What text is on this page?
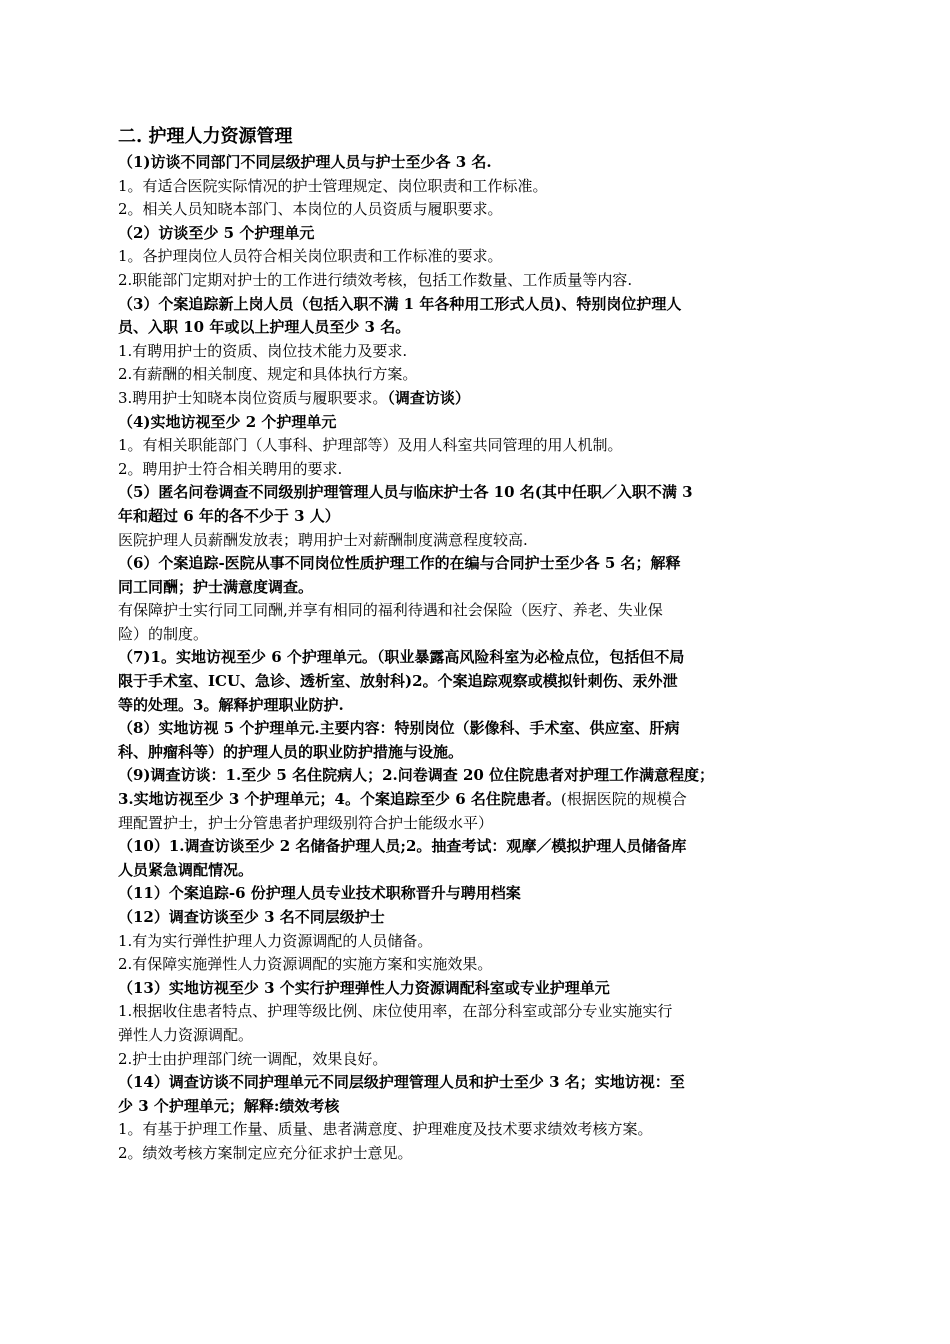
二. 护理人力资源管理
（1)访谈不同部门不同层级护理人员与护士至少各 3 名.
1。有适合医院实际情况的护士管理规定、岗位职责和工作标准。
2。相关人员知晓本部门、本岗位的人员资质与履职要求。
（2）访谈至少 5 个护理单元
1。各护理岗位人员符合相关岗位职责和工作标准的要求。
2.职能部门定期对护士的工作进行绩效考核，包括工作数量、工作质量等内容.
（3）个案追踪新上岗人员（包括入职不满 1 年各种用工形式人员)、特别岗位护理人
员、入职 10 年或以上护理人员至少 3 名。
1.有聘用护士的资质、岗位技术能力及要求.
2.有薪酬的相关制度、规定和具体执行方案。
3.聘用护士知晓本岗位资质与履职要求。（调查访谈）
（4)实地访视至少 2 个护理单元
1。有相关职能部门（人事科、护理部等）及用人科室共同管理的用人机制。
2。聘用护士符合相关聘用的要求.
（5）匿名问卷调查不同级别护理管理人员与临床护士各 10 名(其中任职／入职不满 3
年和超过 6 年的各不少于 3 人）
医院护理人员薪酬发放表；聘用护士对薪酬制度满意程度较高.
（6）个案追踪-医院从事不同岗位性质护理工作的在编与合同护士至少各 5 名；解释
同工同酬；护士满意度调查。
有保障护士实行同工同酬,并享有相同的福利待遇和社会保险（医疗、养老、失业保
险）的制度。
（7)1。实地访视至少 6 个护理单元。（职业暴露高风险科室为必检点位，包括但不局
限于手术室、ICU、急诊、透析室、放射科)2。个案追踪观察或模拟针刺伤、汞外泄
等的处理。3。解释护理职业防护.
（8）实地访视 5 个护理单元.主要内容：特别岗位（影像科、手术室、供应室、肝病
科、肿瘤科等）的护理人员的职业防护措施与设施。
（9)调查访谈：1.至少 5 名住院病人；2.问卷调查 20 位住院患者对护理工作满意程度；
3.实地访视至少 3 个护理单元；4。个案追踪至少 6 名住院患者。(根据医院的规模合
理配置护士，护士分管患者护理级别符合护士能级水平）
（10）1.调查访谈至少 2 名储备护理人员;2。抽查考试：观摩／模拟护理人员储备库
人员紧急调配情况。
（11）个案追踪-6 份护理人员专业技术职称晋升与聘用档案
（12）调查访谈至少 3 名不同层级护士
1.有为实行弹性护理人力资源调配的人员储备。
2.有保障实施弹性人力资源调配的实施方案和实施效果。
（13）实地访视至少 3 个实行护理弹性人力资源调配科室或专业护理单元
1.根据收住患者特点、护理等级比例、床位使用率，在部分科室或部分专业实施实行
弹性人力资源调配。
2.护士由护理部门统一调配，效果良好。
（14）调查访谈不同护理单元不同层级护理管理人员和护士至少 3 名；实地访视：至
少 3 个护理单元；解释:绩效考核
1。有基于护理工作量、质量、患者满意度、护理难度及技术要求绩效考核方案。
2。绩效考核方案制定应充分征求护士意见。
